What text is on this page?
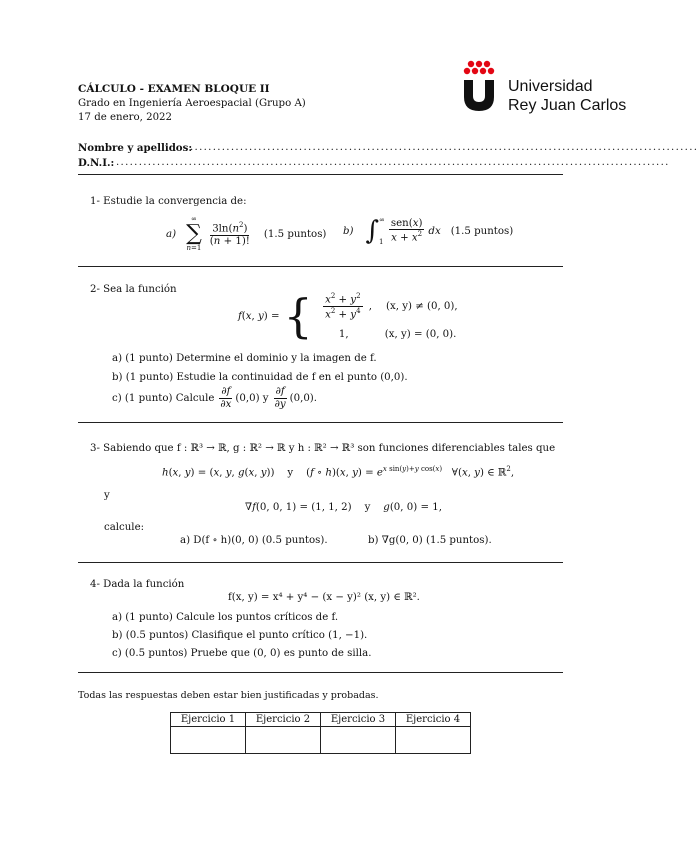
CÁLCULO - EXAMEN BLOQUE II
Grado en Ingeniería Aeroespacial (Grupo A)
17 de enero, 2022
Universidad
Rey Juan Carlos
Nombre y apellidos:
................................................................................................................
D.N.I.: ..........................................................................................................................
1- Estudie la convergencia de:
a)
∞
∑
n=1
$\frac{3\ln(n^2)}{(n + 1)!} (1.5$ puntos) b) ∫ ∞
$1 \frac{\text{sen(x)}}{x + x^2}$ dx (1.5 puntos)
2- Sea la función
f(x, y) = { $\frac{x^2 + y^2}{x^2 + y^4}$ , (x, y) ≠ (0, 0),
1,	(x, y) = (0, 0).
a) (1 punto) Determine el dominio y la imagen de f.
b) (1 punto) Estudie la continuidad de f en el punto (0,0).
c) (1 punto) Calcule $\frac{\partial f}{\partial x} (0,0)$ y $\frac{\partial f}{\partial y} (0,0)$.
3- Sabiendo que f : ℝ³ → ℝ, g : ℝ² → ℝ y h : ℝ² → ℝ³ son funciones diferenciables tales que
h(x, y) = (x, y, g(x, y))    y    (f ∘ h)(x, $y) = e^{x sin(y)+y cos(x)}$   ∀(x, y) ∈ ℝ$^2$,
y
∇f(0, 0, 1) = (1, 1, 2)    y    g(0, 0) = 1,
calcule:
a) D(f ∘ h)(0, 0) (0.5 puntos).	b) ∇g(0, 0) (1.5 puntos).
4- Dada la función
f(x, y) = x⁴ + y⁴ − (x − y)² (x, y) ∈ ℝ².
a) (1 punto) Calcule los puntos críticos de f.
b) (0.5 puntos) Clasifique el punto crítico (1, −1).
c) (0.5 puntos) Pruebe que (0, 0) es punto de silla.
Todas las respuestas deben estar bien justificadas y probadas.
Ejercicio 1	Ejercicio 2	Ejercicio 3	Ejercicio 4
